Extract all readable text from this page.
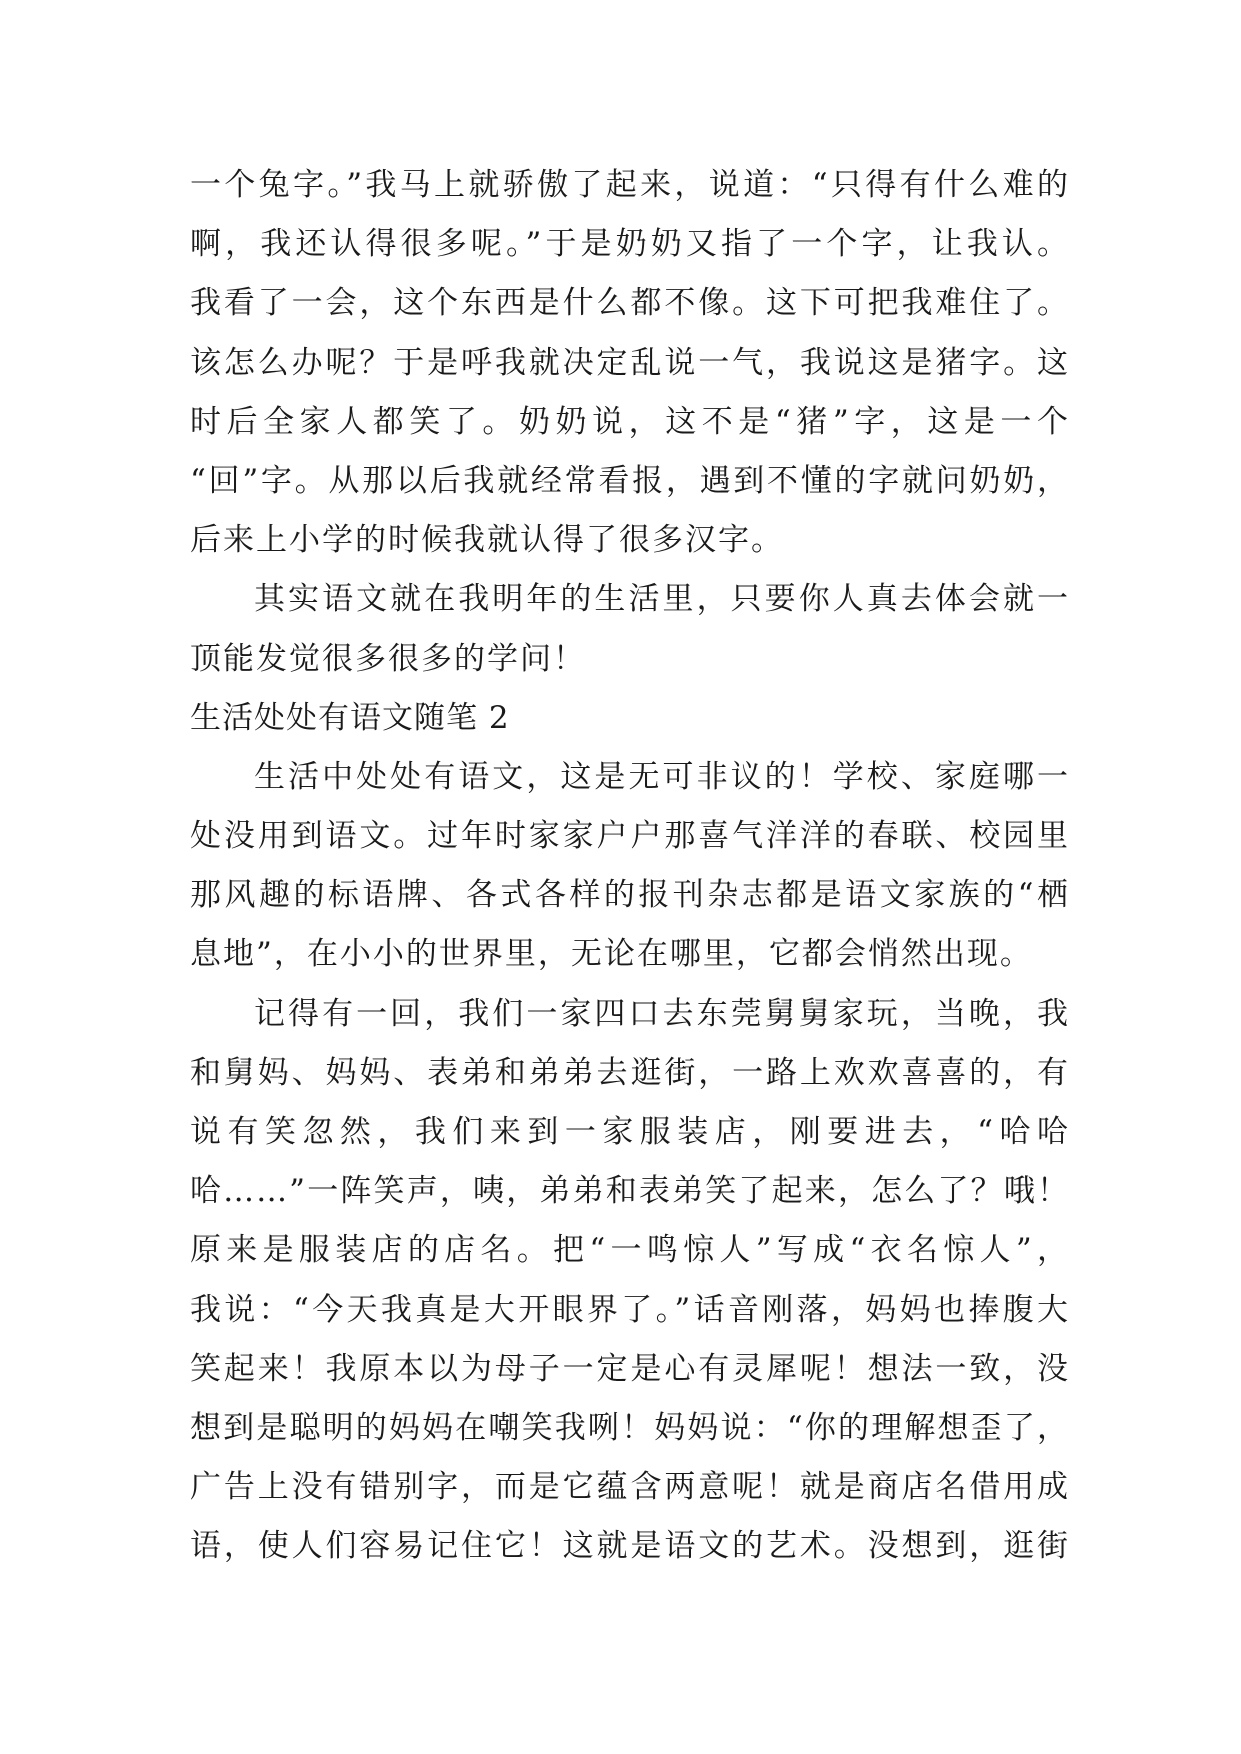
一个兔字。”我马上就骄傲了起来，说道：“只得有什么难的
啊，我还认得很多呢。”于是奶奶又指了一个字，让我认。
我看了一会，这个东西是什么都不像。这下可把我难住了。
该怎么办呢？于是呼我就决定乱说一气，我说这是猪字。这
时后全家人都笑了。奶奶说，这不是“猪”字，这是一个
“回”字。从那以后我就经常看报，遇到不懂的字就问奶奶，
后来上小学的时候我就认得了很多汉字。
其实语文就在我明年的生活里，只要你人真去体会就一
顶能发觉很多很多的学问！
生活处处有语文随笔 2
生活中处处有语文，这是无可非议的！学校、家庭哪一
处没用到语文。过年时家家户户那喜气洋洋的春联、校园里
那风趣的标语牌、各式各样的报刊杂志都是语文家族的“栖
息地”，在小小的世界里，无论在哪里，它都会悄然出现。
记得有一回，我们一家四口去东莞舅舅家玩，当晚，我
和舅妈、妈妈、表弟和弟弟去逛街，一路上欢欢喜喜的，有
说有笑忽然，我们来到一家服装店，刚要进去，“哈哈
哈……”一阵笑声，咦，弟弟和表弟笑了起来，怎么了？哦！
原来是服装店的店名。把“一鸣惊人”写成“衣名惊人”，
我说：“今天我真是大开眼界了。”话音刚落，妈妈也捧腹大
笑起来！我原本以为母子一定是心有灵犀呢！想法一致，没
想到是聪明的妈妈在嘲笑我咧！妈妈说：“你的理解想歪了，
广告上没有错别字，而是它蕴含两意呢！就是商店名借用成
语，使人们容易记住它！这就是语文的艺术。没想到，逛街
